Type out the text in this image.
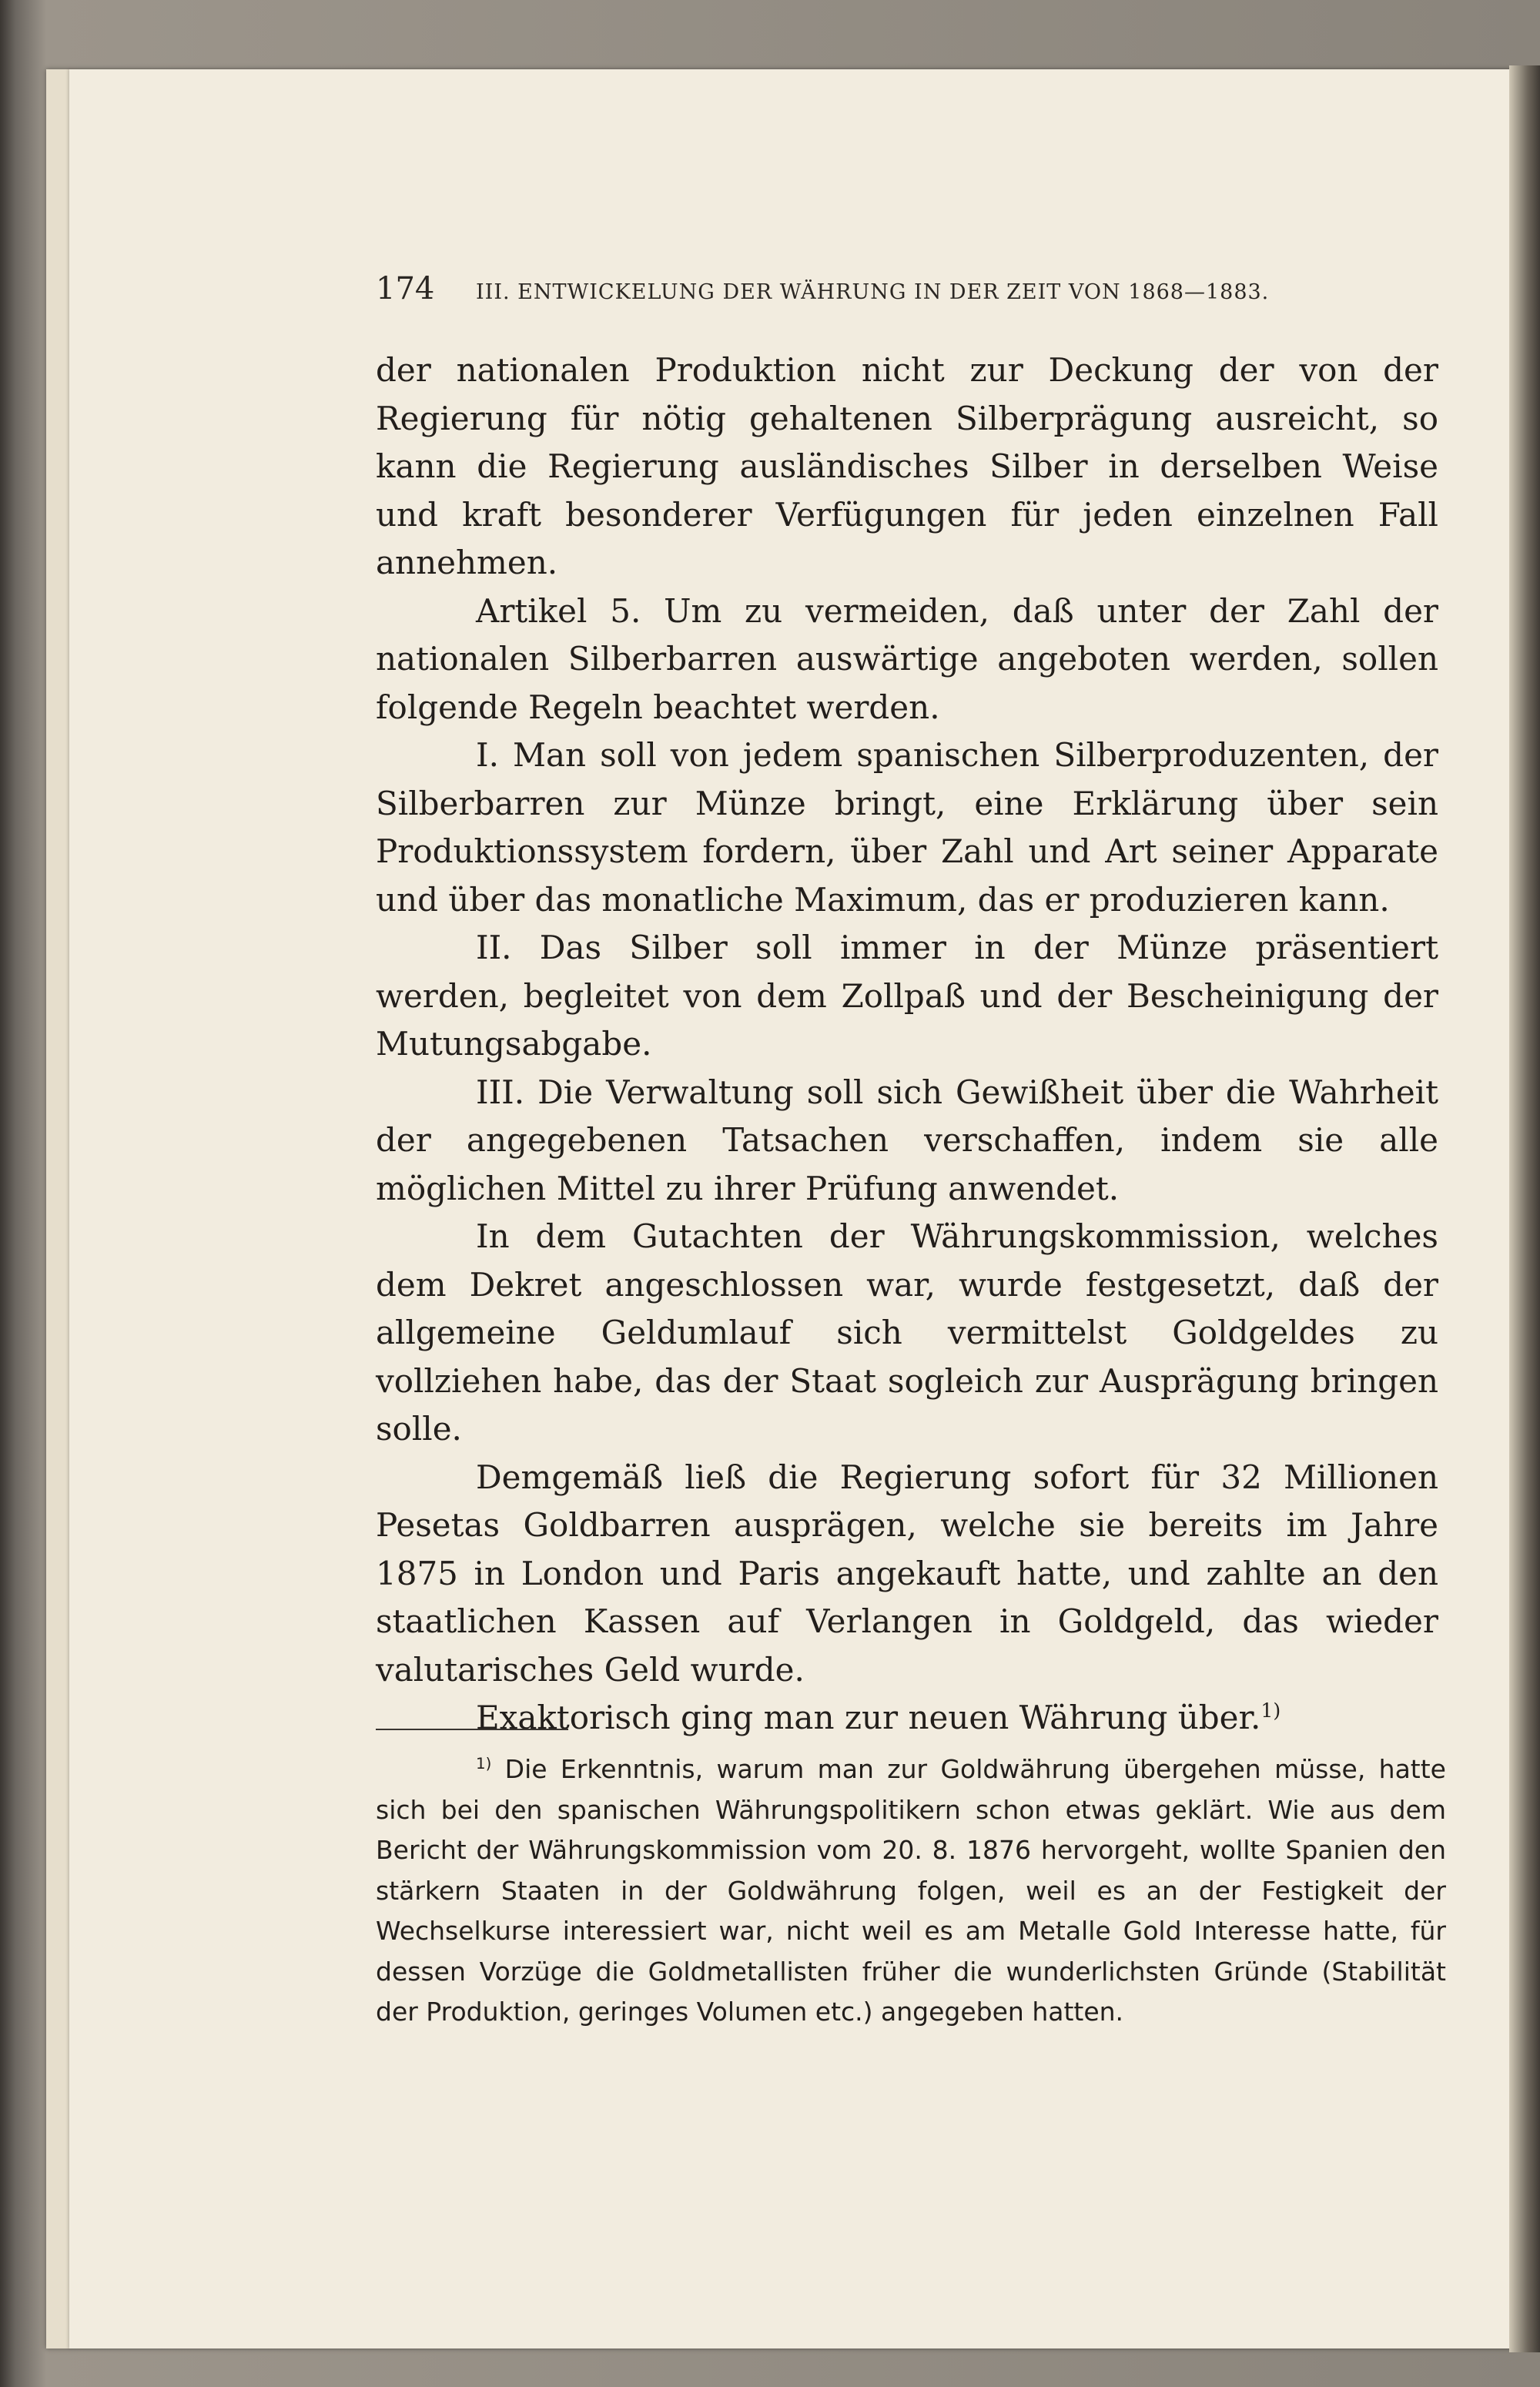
174 III. ENTWICKELUNG DER WÄHRUNG IN DER ZEIT VON 1868—1883.

der nationalen Produktion nicht zur Deckung der von der Regierung für nötig gehaltenen Silberprägung ausreicht, so kann die Regierung ausländisches Silber in derselben Weise und kraft besonderer Verfügungen für jeden einzelnen Fall annehmen.

Artikel 5. Um zu vermeiden, daß unter der Zahl der nationalen Silberbarren auswärtige angeboten werden, sollen folgende Regeln beachtet werden.

I. Man soll von jedem spanischen Silberproduzenten, der Silberbarren zur Münze bringt, eine Erklärung über sein Produktionssystem fordern, über Zahl und Art seiner Apparate und über das monatliche Maximum, das er produzieren kann.

II. Das Silber soll immer in der Münze präsentiert werden, begleitet von dem Zollpaß und der Bescheinigung der Mutungsabgabe.

III. Die Verwaltung soll sich Gewißheit über die Wahrheit der angegebenen Tatsachen verschaffen, indem sie alle möglichen Mittel zu ihrer Prüfung anwendet.

In dem Gutachten der Währungskommission, welches dem Dekret angeschlossen war, wurde festgesetzt, daß der allgemeine Geldumlauf sich vermittelst Goldgeldes zu vollziehen habe, das der Staat sogleich zur Ausprägung bringen solle.

Demgemäß ließ die Regierung sofort für 32 Millionen Pesetas Goldbarren ausprägen, welche sie bereits im Jahre 1875 in London und Paris angekauft hatte, und zahlte an den staatlichen Kassen auf Verlangen in Goldgeld, das wieder valutarisches Geld wurde.

Exaktorisch ging man zur neuen Währung über.$^{1)}$

$^{1)}$ Die Erkenntnis, warum man zur Goldwährung übergehen müsse, hatte sich bei den spanischen Währungspolitikern schon etwas geklärt. Wie aus dem Bericht der Währungskommission vom 20. 8. 1876 hervorgeht, wollte Spanien den stärkern Staaten in der Goldwährung folgen, weil es an der Festigkeit der Wechselkurse interessiert war, nicht weil es am Metalle Gold Interesse hatte, für dessen Vorzüge die Goldmetallisten früher die wunderlichsten Gründe (Stabilität der Produktion, geringes Volumen etc.) angegeben hatten.
